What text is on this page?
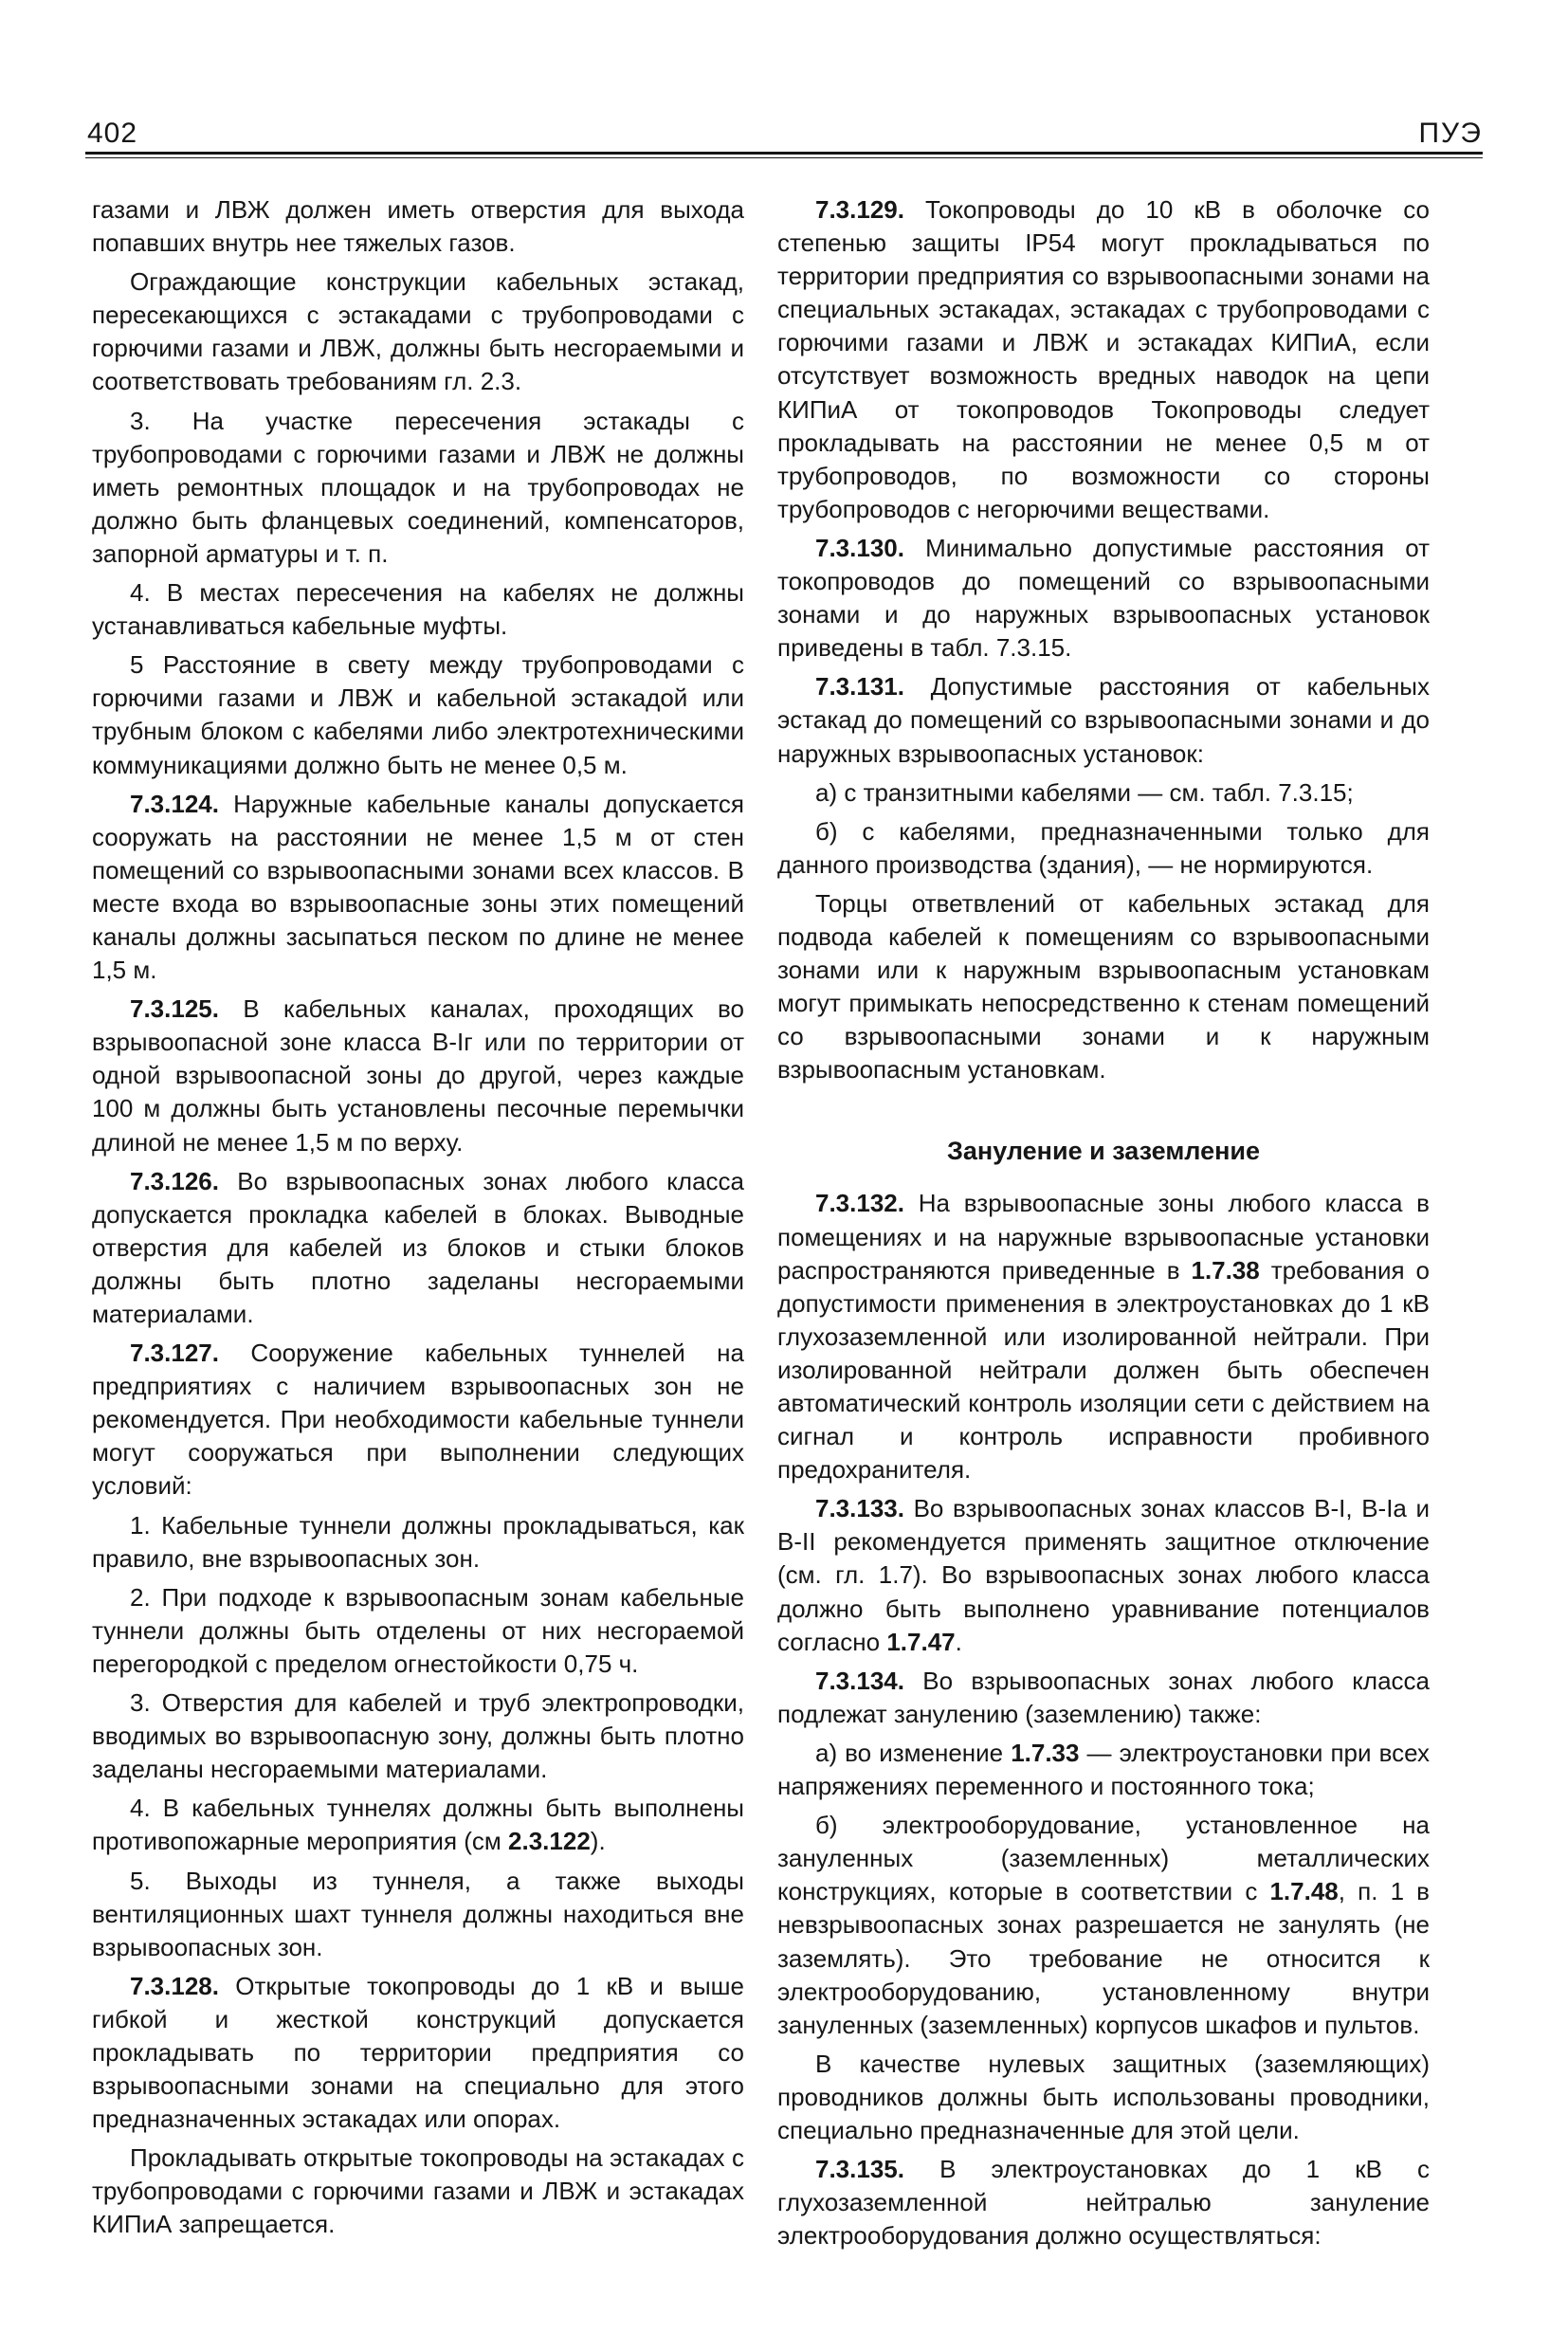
402	ПУЭ

газами и ЛВЖ должен иметь отверстия для выхода попавших внутрь нее тяжелых газов.

Ограждающие конструкции кабельных эстакад, пересекающихся с эстакадами с трубопроводами с горючими газами и ЛВЖ, должны быть несгораемыми и соответствовать требованиям гл. 2.3.

3. На участке пересечения эстакады с трубопроводами с горючими газами и ЛВЖ не должны иметь ремонтных площадок и на трубопроводах не должно быть фланцевых соединений, компенсаторов, запорной арматуры и т. п.

4. В местах пересечения на кабелях не должны устанавливаться кабельные муфты.

5 Расстояние в свету между трубопроводами с горючими газами и ЛВЖ и кабельной эстакадой или трубным блоком с кабелями либо электротехническими коммуникациями должно быть не менее 0,5 м.

7.3.124. Наружные кабельные каналы допускается сооружать на расстоянии не менее 1,5 м от стен помещений со взрывоопасными зонами всех классов. В месте входа во взрывоопасные зоны этих помещений каналы должны засыпаться песком по длине не менее 1,5 м.

7.3.125. В кабельных каналах, проходящих во взрывоопасной зоне класса В-Iг или по территории от одной взрывоопасной зоны до другой, через каждые 100 м должны быть установлены песочные перемычки длиной не менее 1,5 м по верху.

7.3.126. Во взрывоопасных зонах любого класса допускается прокладка кабелей в блоках. Выводные отверстия для кабелей из блоков и стыки блоков должны быть плотно заделаны несгораемыми материалами.

7.3.127. Сооружение кабельных туннелей на предприятиях с наличием взрывоопасных зон не рекомендуется. При необходимости кабельные туннели могут сооружаться при выполнении следующих условий:

1. Кабельные туннели должны прокладываться, как правило, вне взрывоопасных зон.

2. При подходе к взрывоопасным зонам кабельные туннели должны быть отделены от них несгораемой перегородкой с пределом огнестойкости 0,75 ч.

3. Отверстия для кабелей и труб электропроводки, вводимых во взрывоопасную зону, должны быть плотно заделаны несгораемыми материалами.

4. В кабельных туннелях должны быть выполнены противопожарные мероприятия (см 2.3.122).

5. Выходы из туннеля, а также выходы вентиляционных шахт туннеля должны находиться вне взрывоопасных зон.

7.3.128. Открытые токопроводы до 1 кВ и выше гибкой и жесткой конструкций допускается прокладывать по территории предприятия со взрывоопасными зонами на специально для этого предназначенных эстакадах или опорах.

Прокладывать открытые токопроводы на эстакадах с трубопроводами с горючими газами и ЛВЖ и эстакадах КИПиА запрещается.

7.3.129. Токопроводы до 10 кВ в оболочке со степенью защиты IP54 могут прокладываться по территории предприятия со взрывоопасными зонами на специальных эстакадах, эстакадах с трубопроводами с горючими газами и ЛВЖ и эстакадах КИПиА, если отсутствует возможность вредных наводок на цепи КИПиА от токопроводов Токопроводы следует прокладывать на расстоянии не менее 0,5 м от трубопроводов, по возможности со стороны трубопроводов с негорючими веществами.

7.3.130. Минимально допустимые расстояния от токопроводов до помещений со взрывоопасными зонами и до наружных взрывоопасных установок приведены в табл. 7.3.15.

7.3.131. Допустимые расстояния от кабельных эстакад до помещений со взрывоопасными зонами и до наружных взрывоопасных установок:

а) с транзитными кабелями — см. табл. 7.3.15;

б) с кабелями, предназначенными только для данного производства (здания), — не нормируются.

Торцы ответвлений от кабельных эстакад для подвода кабелей к помещениям со взрывоопасными зонами или к наружным взрывоопасным установкам могут примыкать непосредственно к стенам помещений со взрывоопасными зонами и к наружным взрывоопасным установкам.

Зануление и заземление

7.3.132. На взрывоопасные зоны любого класса в помещениях и на наружные взрывоопасные установки распространяются приведенные в 1.7.38 требования о допустимости применения в электроустановках до 1 кВ глухозаземленной или изолированной нейтрали. При изолированной нейтрали должен быть обеспечен автоматический контроль изоляции сети с действием на сигнал и контроль исправности пробивного предохранителя.

7.3.133. Во взрывоопасных зонах классов В-I, В-Iа и В-II рекомендуется применять защитное отключение (см. гл. 1.7). Во взрывоопасных зонах любого класса должно быть выполнено уравнивание потенциалов согласно 1.7.47.

7.3.134. Во взрывоопасных зонах любого класса подлежат занулению (заземлению) также:

а) во изменение 1.7.33 — электроустановки при всех напряжениях переменного и постоянного тока;

б) электрооборудование, установленное на зануленных (заземленных) металлических конструкциях, которые в соответствии с 1.7.48, п. 1 в невзрывоопасных зонах разрешается не занулять (не заземлять). Это требование не относится к электрооборудованию, установленному внутри зануленных (заземленных) корпусов шкафов и пультов.

В качестве нулевых защитных (заземляющих) проводников должны быть использованы проводники, специально предназначенные для этой цели.

7.3.135. В электроустановках до 1 кВ с глухозаземленной нейтралью зануление электрооборудования должно осуществляться:
